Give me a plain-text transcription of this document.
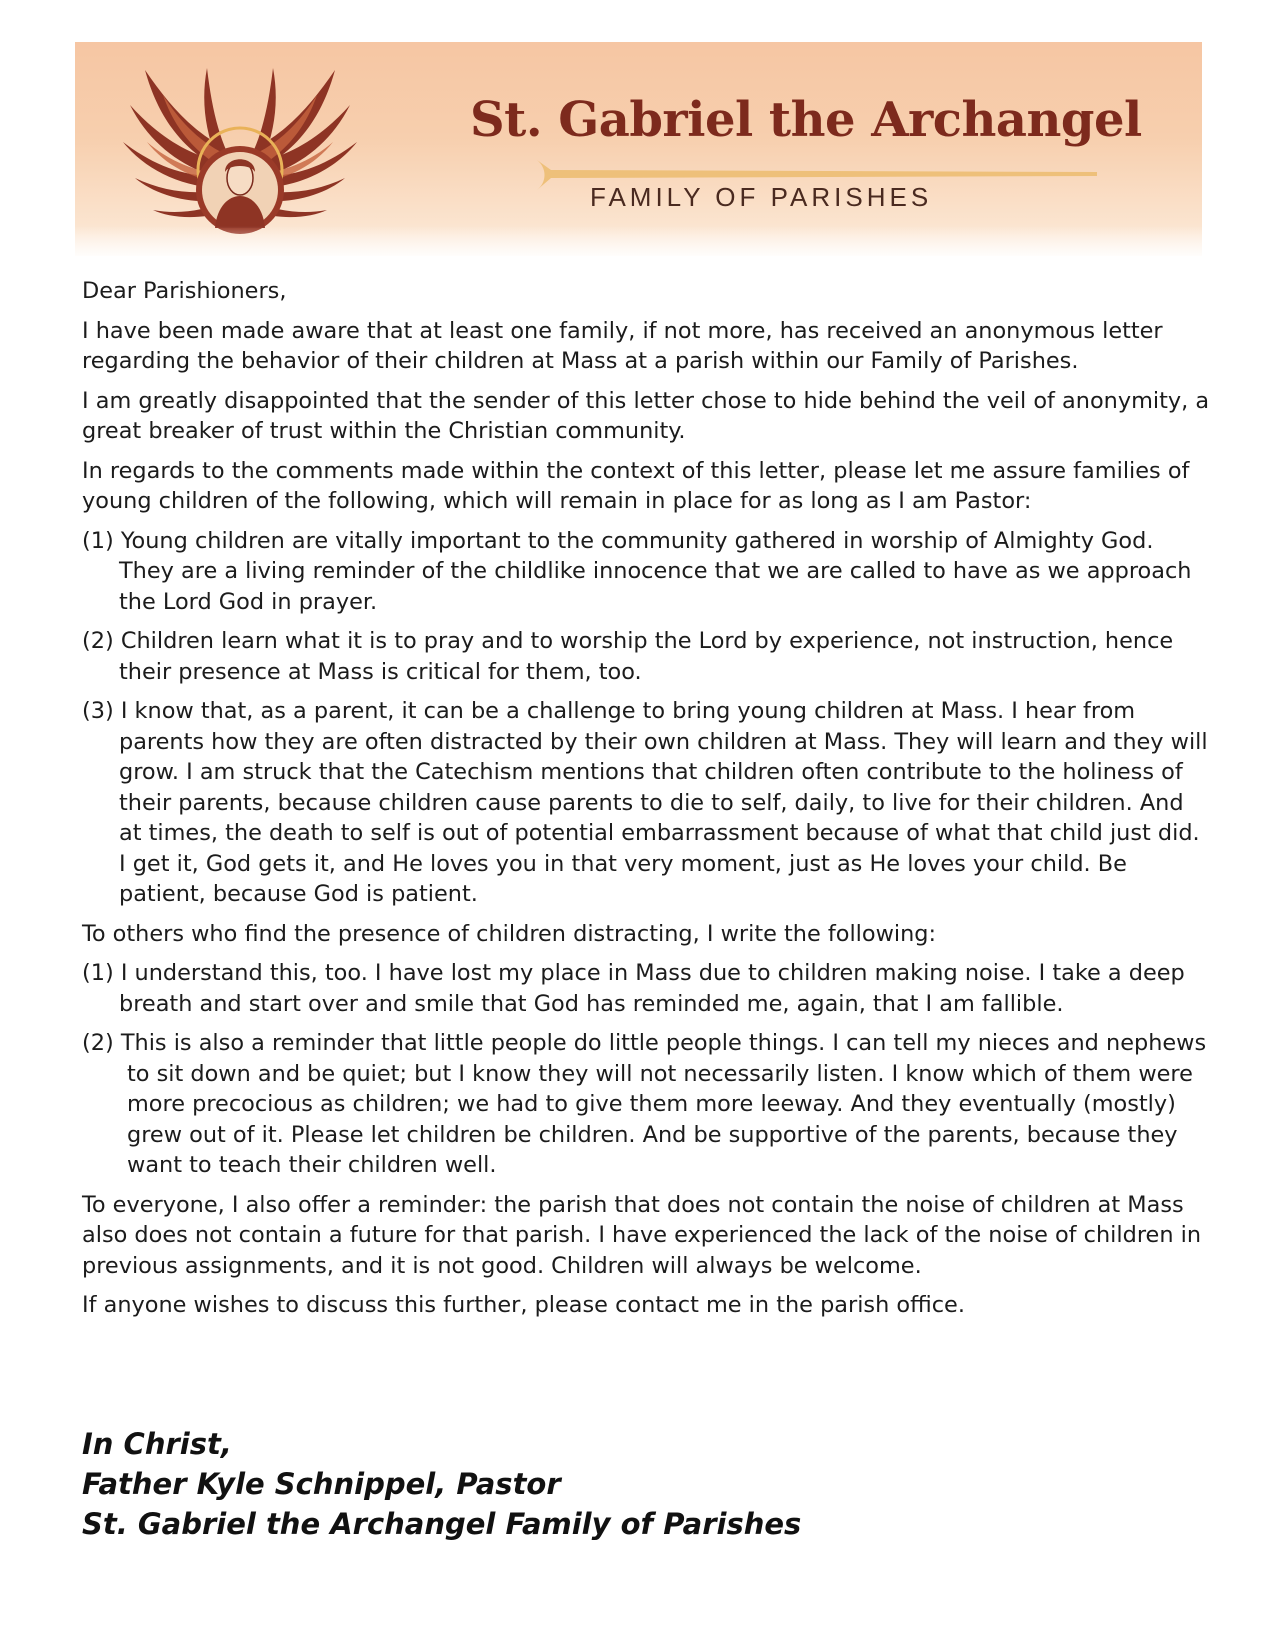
St. Gabriel the Archangel
FAMILY OF PARISHES

Dear Parishioners,

I have been made aware that at least one family, if not more, has received an anonymous letter regarding the behavior of their children at Mass at a parish within our Family of Parishes.

I am greatly disappointed that the sender of this letter chose to hide behind the veil of anonymity, a great breaker of trust within the Christian community.

In regards to the comments made within the context of this letter, please let me assure families of young children of the following, which will remain in place for as long as I am Pastor:

(1) Young children are vitally important to the community gathered in worship of Almighty God. They are a living reminder of the childlike innocence that we are called to have as we approach the Lord God in prayer.

(2) Children learn what it is to pray and to worship the Lord by experience, not instruction, hence their presence at Mass is critical for them, too.

(3) I know that, as a parent, it can be a challenge to bring young children at Mass. I hear from parents how they are often distracted by their own children at Mass. They will learn and they will grow. I am struck that the Catechism mentions that children often contribute to the holiness of their parents, because children cause parents to die to self, daily, to live for their children. And at times, the death to self is out of potential embarrassment because of what that child just did. I get it, God gets it, and He loves you in that very moment, just as He loves your child. Be patient, because God is patient.

To others who find the presence of children distracting, I write the following:

(1) I understand this, too. I have lost my place in Mass due to children making noise. I take a deep breath and start over and smile that God has reminded me, again, that I am fallible.

(2) This is also a reminder that little people do little people things. I can tell my nieces and nephews to sit down and be quiet; but I know they will not necessarily listen. I know which of them were more precocious as children; we had to give them more leeway. And they eventually (mostly) grew out of it. Please let children be children. And be supportive of the parents, because they want to teach their children well.

To everyone, I also offer a reminder: the parish that does not contain the noise of children at Mass also does not contain a future for that parish. I have experienced the lack of the noise of children in previous assignments, and it is not good. Children will always be welcome.

If anyone wishes to discuss this further, please contact me in the parish office.

In Christ,
Father Kyle Schnippel, Pastor
St. Gabriel the Archangel Family of Parishes
